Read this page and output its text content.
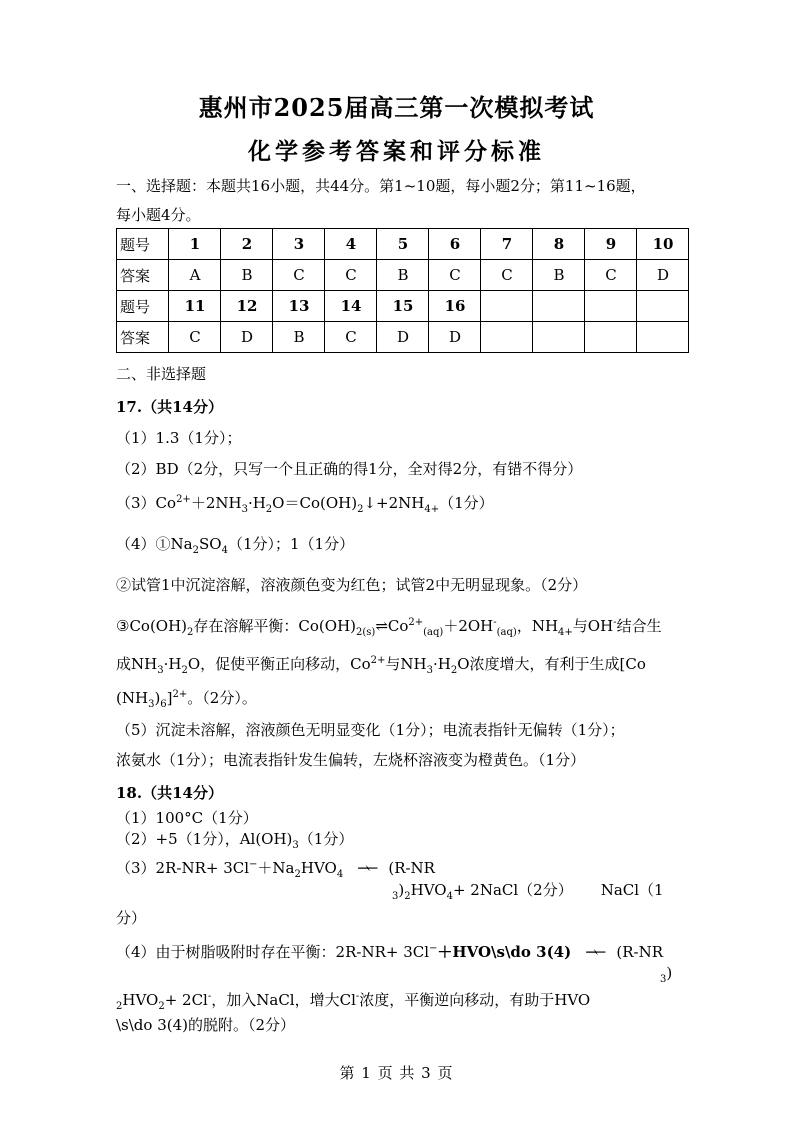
惠州市2025届高三第一次模拟考试
化学参考答案和评分标准
一、选择题：本题共16小题，共44分。第1~10题，每小题2分；第11~16题，
每小题4分。
题号	1	2	3	4	5	6	7	8	9	10
答案	A	B	C	C	B	C	C	B	C	D
题号	11	12	13	14	15	16				
答案	C	D	B	C	D	D				
二、非选择题
17.（共14分）
（1）1.3（1分）；
（2）BD（2分，只写一个且正确的得1分，全对得2分，有错不得分）
$(3)Co^{2+}+2NH_3\cdot H_2O=Co(OH)_2↓+2NH_{4+}(1$分）
$(4)①Na_2SO_4(1$分）；1（1分）
②试管1中沉淀溶解，溶液颜色变为红色；试管2中无明显现象。（2分）
$③Co(OH)_2$存在溶解平衡：$Co(OH)_{2(s)}\rightleftharpoons Co^{2+}_{(aq)}+2OH^-_{(aq)}$，$NH_{4+}$与OH-结合生
成$NH_3\cdot H_2O$，促使平衡正向移动，$Co^{2+}$与$NH_3\cdot H_2O$浓度增大，有利于生成[Co
$(NH_3)_6]^{2+}$。（2分）。
（5）沉淀未溶解，溶液颜色无明显变化（1分）；电流表指针无偏转（1分）；
浓氨水（1分）；电流表指针发生偏转，左烧杯溶液变为橙黄色。（1分）
18.（共14分）
（1）100°C（1分）
（2）+5（1分），$Al(OH)_3(1$分）
$(3)2R-NR+ 3Cl^-+Na_2HVO_4$ ⇀↽ (R-NR
$_3)_2HVO_4+$ 2NaCl（2分） NaCl（1
分）
（4）由于树脂吸附时存在平衡：2R-NR+ 3Cl−＋HVO\s\do 3(4) ⇀↽ (R-NR
$_3$)
$_2HVO_2+ 2Cl^-$，加入NaCl，增大Cl-浓度，平衡逆向移动，有助于HVO
\s\do 3(4)的脱附。（2分）
第 1 页 共 3 页
